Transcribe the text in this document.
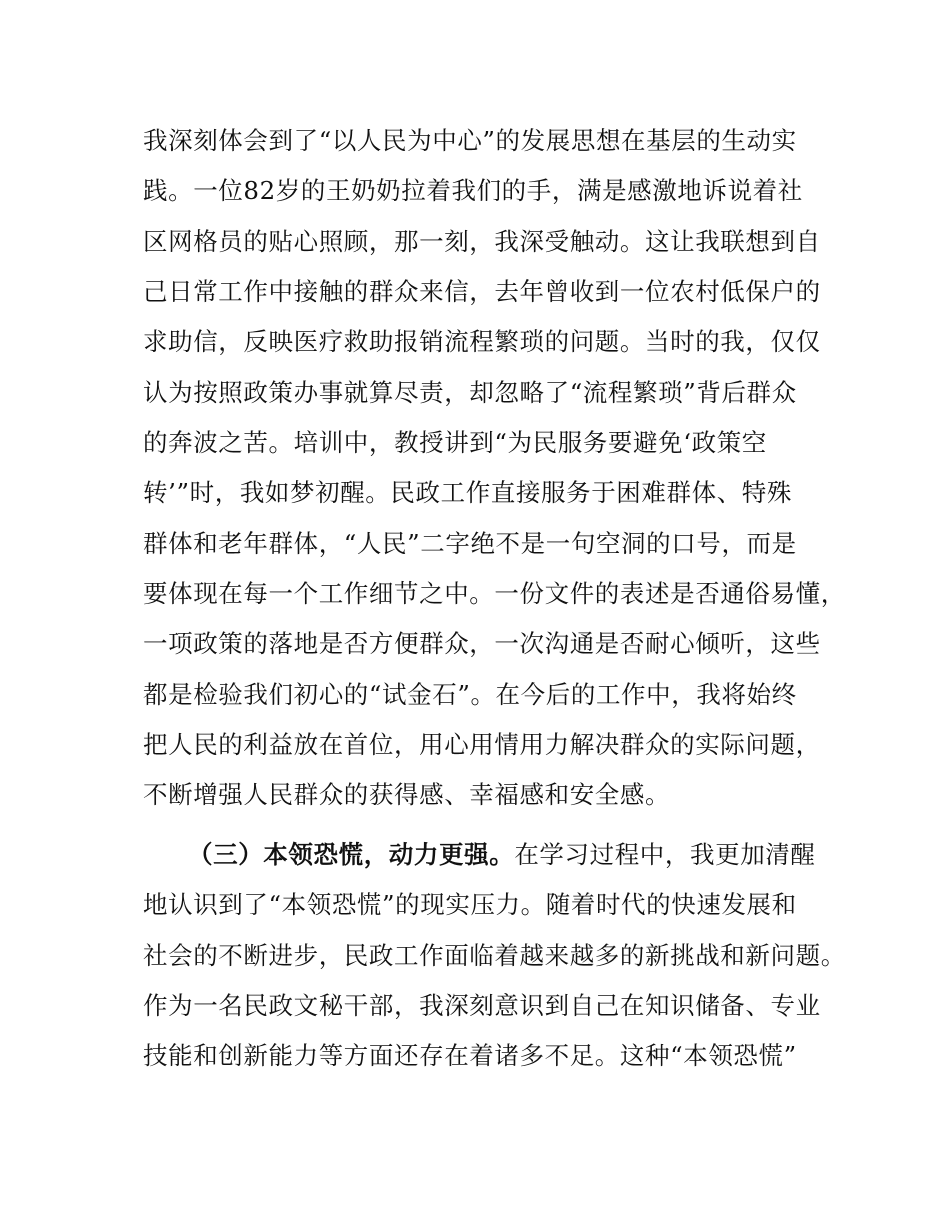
我深刻体会到了“以人民为中心”的发展思想在基层的生动实
践。一位82岁的王奶奶拉着我们的手，满是感激地诉说着社
区网格员的贴心照顾，那一刻，我深受触动。这让我联想到自
己日常工作中接触的群众来信，去年曾收到一位农村低保户的
求助信，反映医疗救助报销流程繁琐的问题。当时的我，仅仅
认为按照政策办事就算尽责，却忽略了“流程繁琐”背后群众
的奔波之苦。培训中，教授讲到“为民服务要避免‘政策空
转’”时，我如梦初醒。民政工作直接服务于困难群体、特殊
群体和老年群体，“人民”二字绝不是一句空洞的口号，而是
要体现在每一个工作细节之中。一份文件的表述是否通俗易懂，
一项政策的落地是否方便群众，一次沟通是否耐心倾听，这些
都是检验我们初心的“试金石”。在今后的工作中，我将始终
把人民的利益放在首位，用心用情用力解决群众的实际问题，
不断增强人民群众的获得感、幸福感和安全感。
（三）本领恐慌，动力更强。在学习过程中，我更加清醒
地认识到了“本领恐慌”的现实压力。随着时代的快速发展和
社会的不断进步，民政工作面临着越来越多的新挑战和新问题。
作为一名民政文秘干部，我深刻意识到自己在知识储备、专业
技能和创新能力等方面还存在着诸多不足。这种“本领恐慌”
